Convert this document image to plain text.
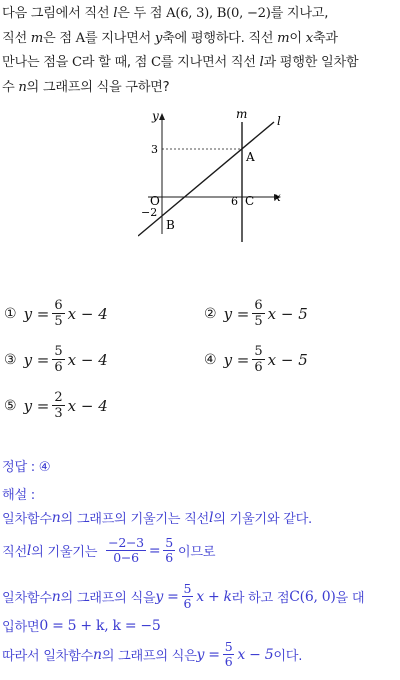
다음 그림에서 직선 l은 두 점 A(6, 3), B(0, −2)를 지나고,
직선 m은 점 A를 지나면서 y축에 평행하다. 직선 m이 x축과
만나는 점을 C라 할 때, 점 C를 지나면서 직선 l과 평행한 일차함
수 n의 그래프의 식을 구하면?
y	m l
x
3
A
O	6 C
−2
B
① $y = \frac{6}{5}$ x − 4	② $y = \frac{6}{5}$ x − 5
③ $y = \frac{5}{6}$ x − 4	④ $y = \frac{5}{6}$ x − 5
⑤ $y = \frac{2}{3}$ x − 4
정답 : ④
해설 :
일차함수 n 의 그래프의 기울기는 직선 l 의 기울기와 같다.
직선 l 의 기울기는 $\frac{-2-3}{0-6} = \frac{5}{6}$ 이므로
일차함수 n 의 그래프의 식을 $y = \frac{5}{6}$ x + k 라 하고 점 C(6, 0) 을 대
입하면 0 = 5 + k, k = −5
따라서 일차함수 n 의 그래프의 식은 $y = \frac{5}{6}$ x − 5 이다.
